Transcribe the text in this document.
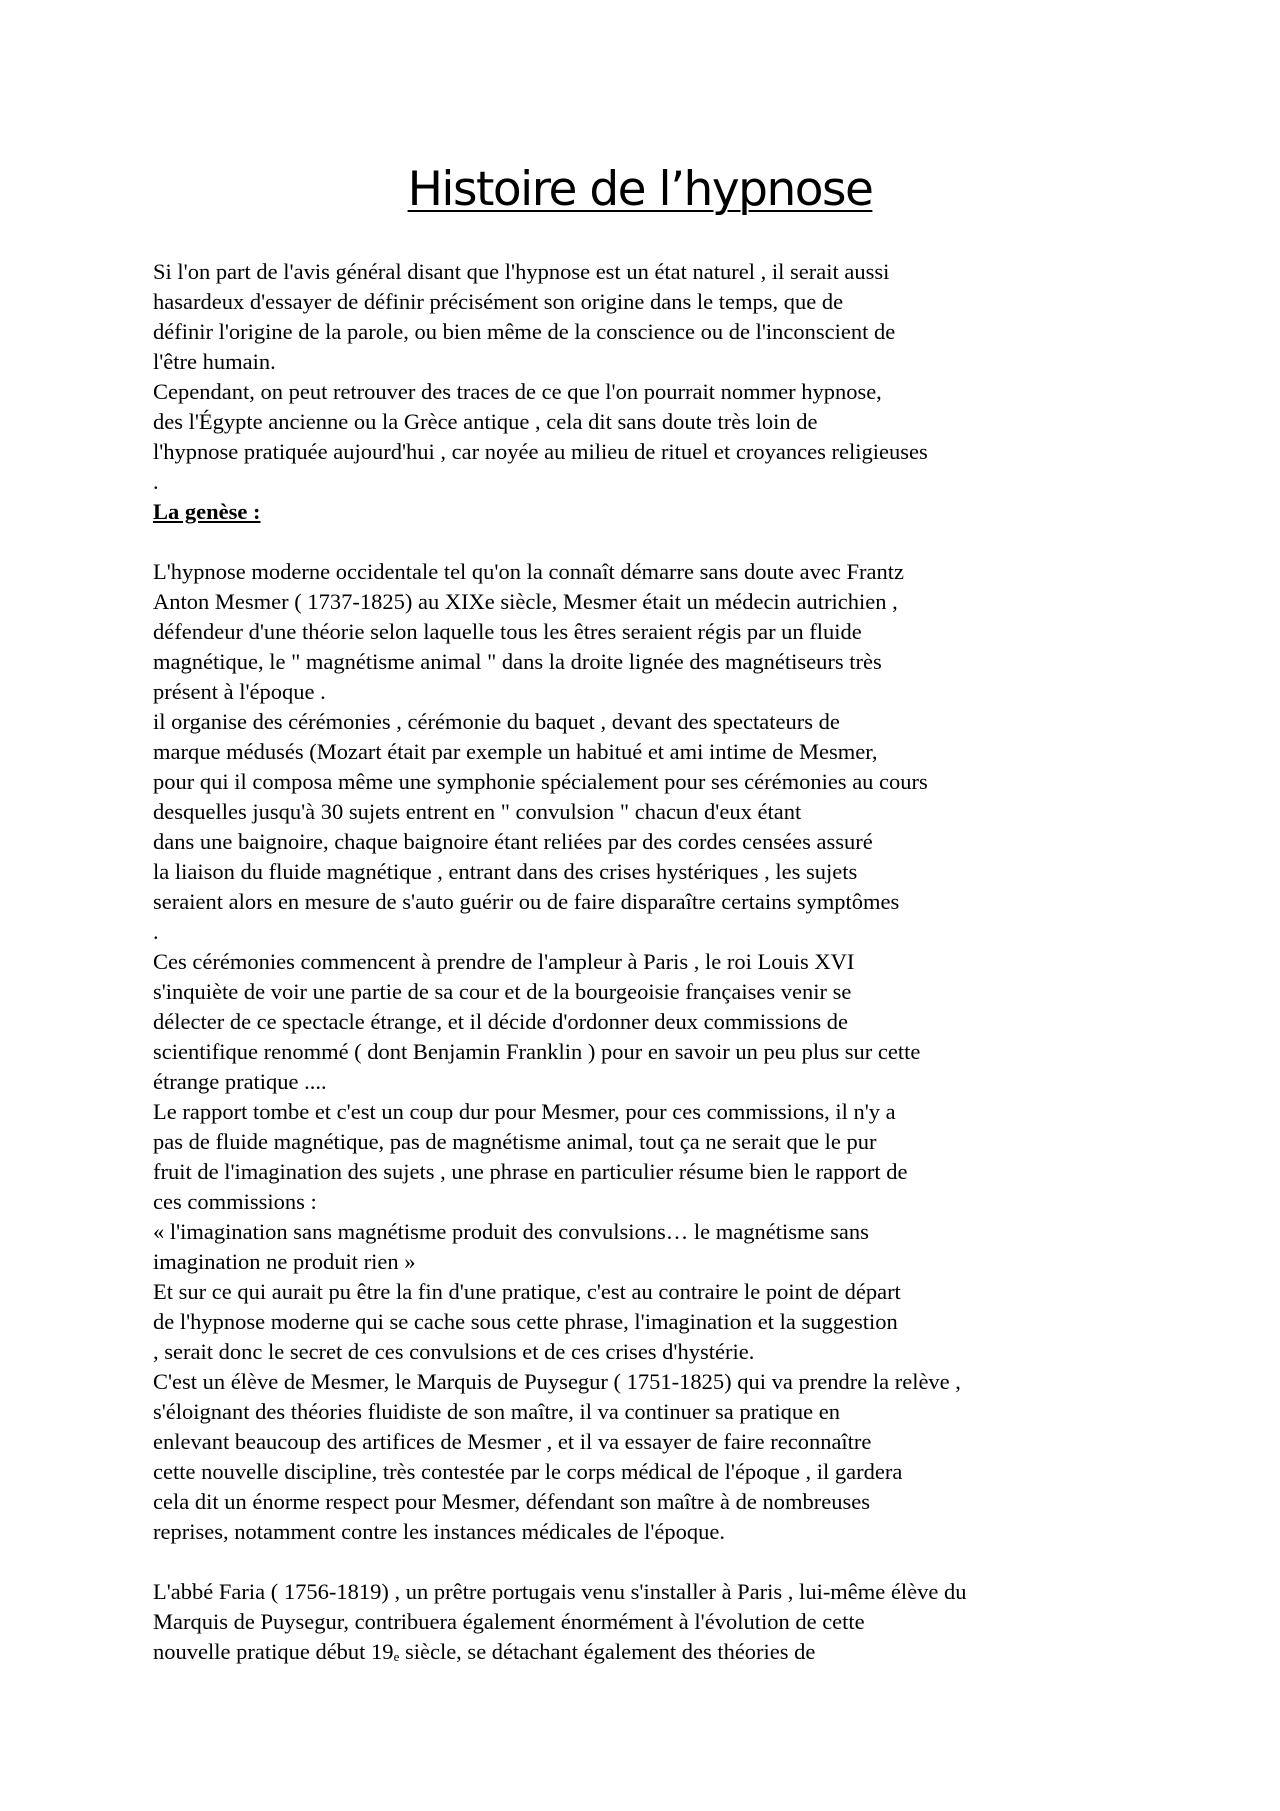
Histoire de l’hypnose
Si l'on part de l'avis général disant que l'hypnose est un état naturel , il serait aussi
hasardeux d'essayer de définir précisément son origine dans le temps, que de
définir l'origine de la parole, ou bien même de la conscience ou de l'inconscient de
l'être humain.
Cependant, on peut retrouver des traces de ce que l'on pourrait nommer hypnose,
des l'Égypte ancienne ou la Grèce antique , cela dit sans doute très loin de
l'hypnose pratiquée aujourd'hui , car noyée au milieu de rituel et croyances religieuses
.
La genèse :
L'hypnose moderne occidentale tel qu'on la connaît démarre sans doute avec Frantz
Anton Mesmer ( 1737-1825) au XIXe siècle, Mesmer était un médecin autrichien ,
défendeur d'une théorie selon laquelle tous les êtres seraient régis par un fluide
magnétique, le " magnétisme animal " dans la droite lignée des magnétiseurs très
présent à l'époque .
il organise des cérémonies , cérémonie du baquet , devant des spectateurs de
marque médusés (Mozart était par exemple un habitué et ami intime de Mesmer,
pour qui il composa même une symphonie spécialement pour ses cérémonies au cours
desquelles jusqu'à 30 sujets entrent en " convulsion " chacun d'eux étant
dans une baignoire, chaque baignoire étant reliées par des cordes censées assuré
la liaison du fluide magnétique , entrant dans des crises hystériques , les sujets
seraient alors en mesure de s'auto guérir ou de faire disparaître certains symptômes
.
Ces cérémonies commencent à prendre de l'ampleur à Paris , le roi Louis XVI
s'inquiète de voir une partie de sa cour et de la bourgeoisie françaises venir se
délecter de ce spectacle étrange, et il décide d'ordonner deux commissions de
scientifique renommé ( dont Benjamin Franklin ) pour en savoir un peu plus sur cette
étrange pratique ....
Le rapport tombe et c'est un coup dur pour Mesmer, pour ces commissions, il n'y a
pas de fluide magnétique, pas de magnétisme animal, tout ça ne serait que le pur
fruit de l'imagination des sujets , une phrase en particulier résume bien le rapport de
ces commissions :
« l'imagination sans magnétisme produit des convulsions… le magnétisme sans
imagination ne produit rien »
Et sur ce qui aurait pu être la fin d'une pratique, c'est au contraire le point de départ
de l'hypnose moderne qui se cache sous cette phrase, l'imagination et la suggestion
, serait donc le secret de ces convulsions et de ces crises d'hystérie.
C'est un élève de Mesmer, le Marquis de Puysegur ( 1751-1825) qui va prendre la relève ,
s'éloignant des théories fluidiste de son maître, il va continuer sa pratique en
enlevant beaucoup des artifices de Mesmer , et il va essayer de faire reconnaître
cette nouvelle discipline, très contestée par le corps médical de l'époque , il gardera
cela dit un énorme respect pour Mesmer, défendant son maître à de nombreuses
reprises, notamment contre les instances médicales de l'époque.
L'abbé Faria ( 1756-1819) , un prêtre portugais venu s'installer à Paris , lui-même élève du
Marquis de Puysegur, contribuera également énormément à l'évolution de cette
nouvelle pratique début $19_e$ siècle, se détachant également des théories de
